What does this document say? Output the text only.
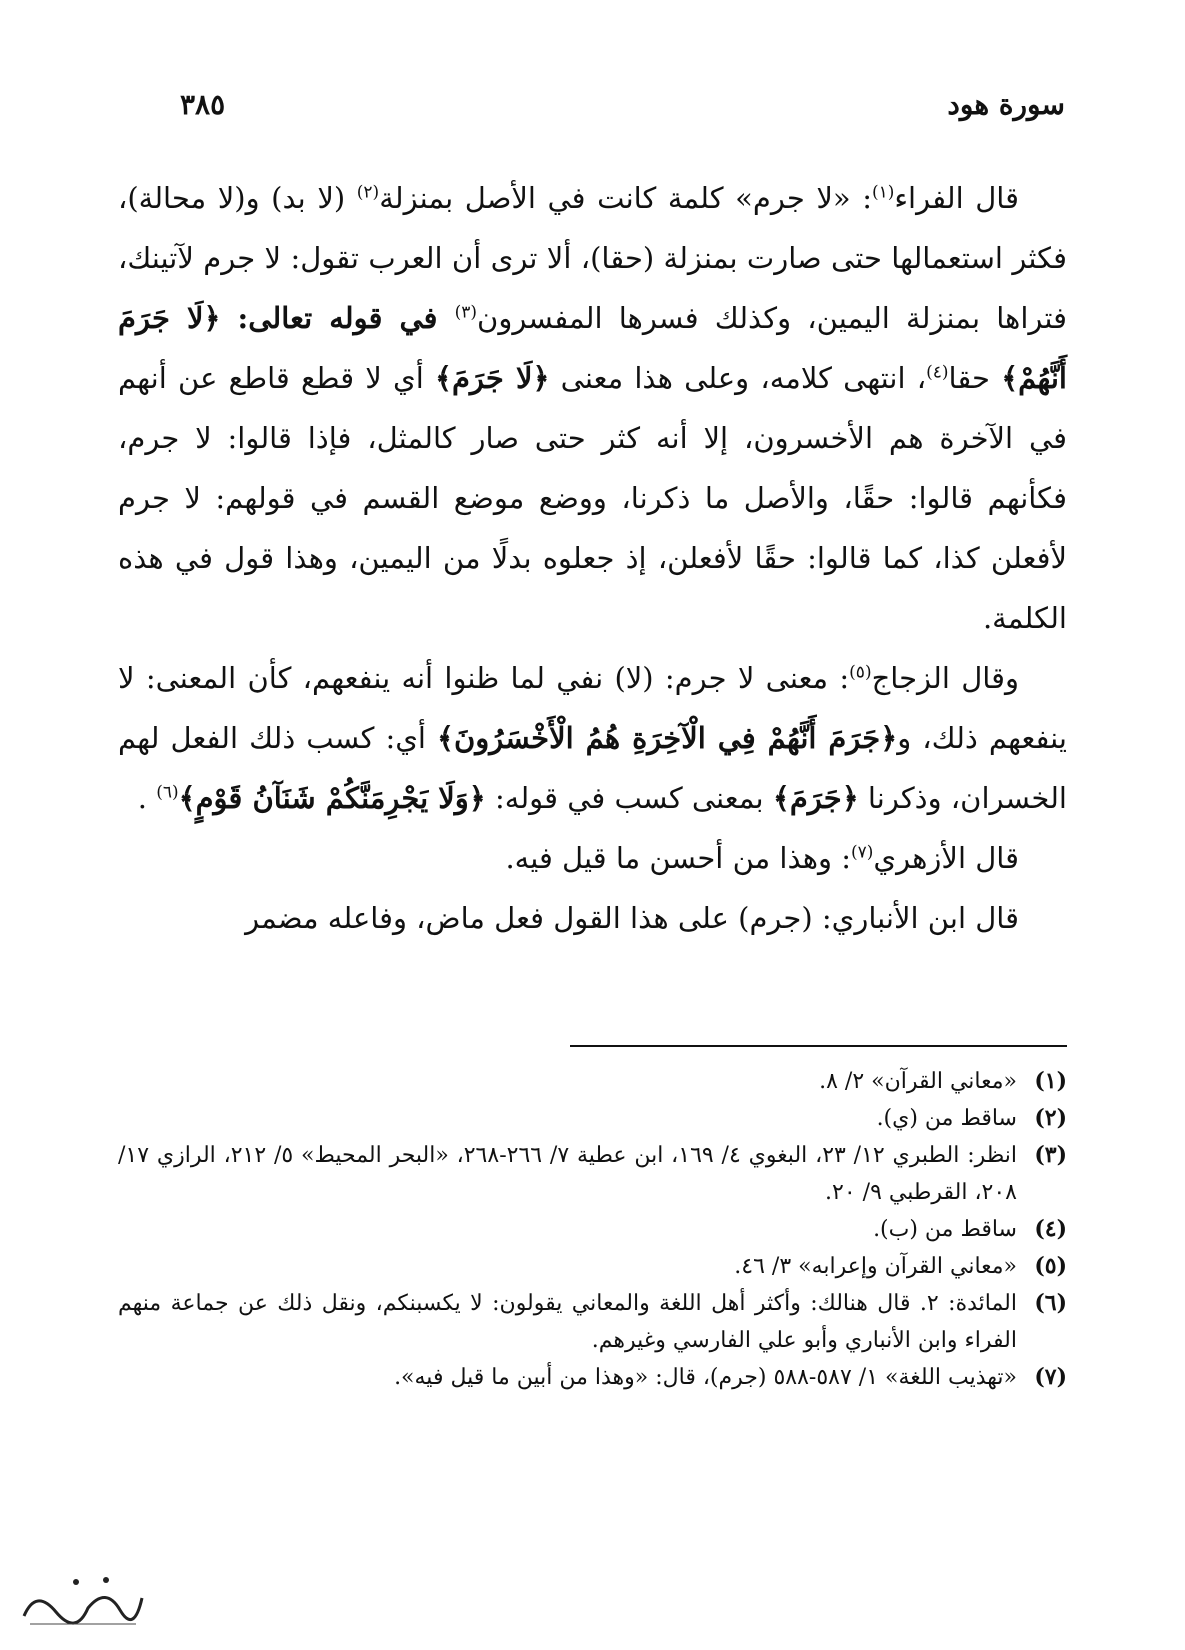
سورة هود
٣٨٥

قال الفراء$^{(١)}$: «لا جرم» كلمة كانت في الأصل بمنزلة$^{(٢)}$ (لا بد) و(لا محالة)، فكثر استعمالها حتى صارت بمنزلة (حقا)، ألا ترى أن العرب تقول: لا جرم لآتينك، فتراها بمنزلة اليمين، وكذلك فسرها المفسرون$^{(٣)}$ في قوله تعالى: ﴿لَا جَرَمَ أَنَّهُمْ﴾ حقا$^{(٤)}$، انتهى كلامه، وعلى هذا معنى ﴿لَا جَرَمَ﴾ أي لا قطع قاطع عن أنهم في الآخرة هم الأخسرون، إلا أنه كثر حتى صار كالمثل، فإذا قالوا: لا جرم، فكأنهم قالوا: حقًا، والأصل ما ذكرنا، ووضع موضع القسم في قولهم: لا جرم لأفعلن كذا، كما قالوا: حقًا لأفعلن، إذ جعلوه بدلًا من اليمين، وهذا قول في هذه الكلمة.

وقال الزجاج$^{(٥)}$: معنى لا جرم: (لا) نفي لما ظنوا أنه ينفعهم، كأن المعنى: لا ينفعهم ذلك، و﴿جَرَمَ أَنَّهُمْ فِي الْآخِرَةِ هُمُ الْأَخْسَرُونَ﴾ أي: كسب ذلك الفعل لهم الخسران، وذكرنا ﴿جَرَمَ﴾ بمعنى كسب في قوله: ﴿وَلَا يَجْرِمَنَّكُمْ شَنَآنُ قَوْمٍ﴾$^{(٦)}$ .

قال الأزهري$^{(٧)}$: وهذا من أحسن ما قيل فيه.

قال ابن الأنباري: (جرم) على هذا القول فعل ماض، وفاعله مضمر

(١)
«معاني القرآن» ٢/ ٨.
(٢)
ساقط من (ي).
(٣)
انظر: الطبري ١٢/ ٢٣، البغوي ٤/ ١٦٩، ابن عطية ٧/ ٢٦٦-٢٦٨، «البحر المحيط» ٥/ ٢١٢، الرازي ١٧/ ٢٠٨، القرطبي ٩/ ٢٠.
(٤)
ساقط من (ب).
(٥)
«معاني القرآن وإعرابه» ٣/ ٤٦.
(٦)
المائدة: ٢. قال هنالك: وأكثر أهل اللغة والمعاني يقولون: لا يكسبنكم، ونقل ذلك عن جماعة منهم الفراء وابن الأنباري وأبو علي الفارسي وغيرهم.
(٧)
«تهذيب اللغة» ١/ ٥٨٧-٥٨٨ (جرم)، قال: «وهذا من أبين ما قيل فيه».
